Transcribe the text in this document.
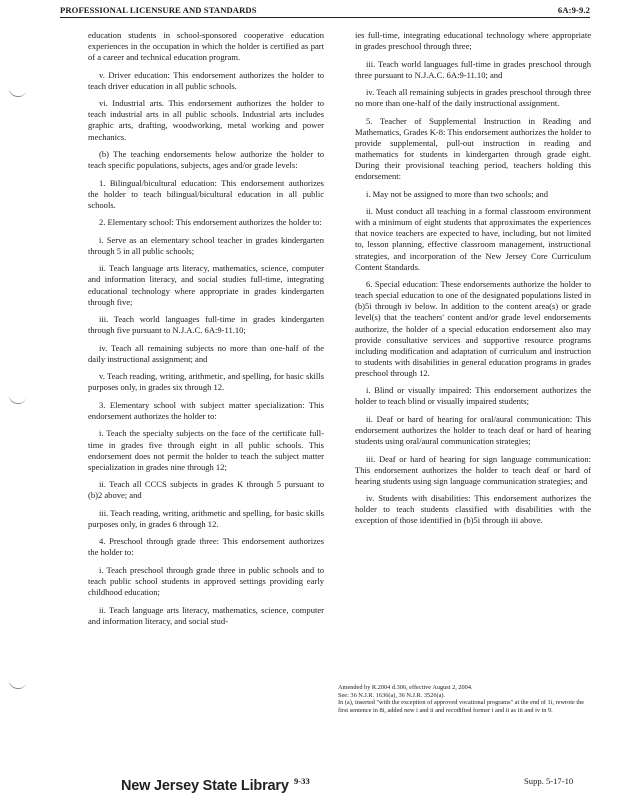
PROFESSIONAL LICENSURE AND STANDARDS	6A:9-9.2

education students in school-sponsored cooperative education experiences in the occupation in which the holder is certified as part of a career and technical education program.

v. Driver education: This endorsement authorizes the holder to teach driver education in all public schools.

vi. Industrial arts. This endorsement authorizes the holder to teach industrial arts in all public schools. Industrial arts includes graphic arts, drafting, woodworking, metal working and power mechanics.

(b) The teaching endorsements below authorize the holder to teach specific populations, subjects, ages and/or grade levels:

1. Bilingual/bicultural education: This endorsement authorizes the holder to teach bilingual/bicultural education in all public schools.

2. Elementary school: This endorsement authorizes the holder to:

i. Serve as an elementary school teacher in grades kindergarten through 5 in all public schools;

ii. Teach language arts literacy, mathematics, science, computer and information literacy, and social studies full-time, integrating educational technology where appropriate in grades kindergarten through five;

iii. Teach world languages full-time in grades kindergarten through five pursuant to N.J.A.C. 6A:9-11.10;

iv. Teach all remaining subjects no more than one-half of the daily instructional assignment; and

v. Teach reading, writing, arithmetic, and spelling, for basic skills purposes only, in grades six through 12.

3. Elementary school with subject matter specialization: This endorsement authorizes the holder to:

i. Teach the specialty subjects on the face of the certificate full-time in grades five through eight in all public schools. This endorsement does not permit the holder to teach the subject matter specialization in grades nine through 12;

ii. Teach all CCCS subjects in grades K through 5 pursuant to (b)2 above; and

iii. Teach reading, writing, arithmetic and spelling, for basic skills purposes only, in grades 6 through 12.

4. Preschool through grade three: This endorsement authorizes the holder to:

i. Teach preschool through grade three in public schools and to teach public school students in approved settings providing early childhood education;

ii. Teach language arts literacy, mathematics, science, computer and information literacy, and social stud-

ies full-time, integrating educational technology where appropriate in grades preschool through three;

iii. Teach world languages full-time in grades preschool through three pursuant to N.J.A.C. 6A:9-11.10; and

iv. Teach all remaining subjects in grades preschool through three no more than one-half of the daily instructional assignment.

5. Teacher of Supplemental Instruction in Reading and Mathematics, Grades K-8: This endorsement authorizes the holder to provide supplemental, pull-out instruction in reading and mathematics for students in kindergarten through grade eight. During their provisional teaching period, teachers holding this endorsement:

i. May not be assigned to more than two schools; and

ii. Must conduct all teaching in a formal classroom environment with a minimum of eight students that approximates the experiences that novice teachers are expected to have, including, but not limited to, lesson planning, effective classroom management, instructional strategies, and incorporation of the New Jersey Core Curriculum Content Standards.

6. Special education: These endorsements authorize the holder to teach special education to one of the designated populations listed in (b)5i through iv below. In addition to the content area(s) or grade level(s) that the teachers' content and/or grade level endorsements authorize, the holder of a special education endorsement also may provide consultative services and supportive resource programs including modification and adaptation of curriculum and instruction to students with disabilities in general education programs in grades preschool through 12.

i. Blind or visually impaired: This endorsement authorizes the holder to teach blind or visually impaired students;

ii. Deaf or hard of hearing for oral/aural communication: This endorsement authorizes the holder to teach deaf or hard of hearing students using oral/aural communication strategies;

iii. Deaf or hard of hearing for sign language communication: This endorsement authorizes the holder to teach deaf or hard of hearing students using sign language communication strategies; and

iv. Students with disabilities: This endorsement authorizes the holder to teach students classified with disabilities with the exception of those identified in (b)5i through iii above.

Amended by R.2004 d.306, effective August 2, 2004.
See: 36 N.J.R. 1636(a), 36 N.J.R. 3526(a).
In (a), inserted "with the exception of approved vocational programs" at the end of 1i, rewrote the first sentence in 8i, added new i and ii and recodified former i and ii as iii and iv in 9.
New Jersey State Library 9-33	Supp. 5-17-10
